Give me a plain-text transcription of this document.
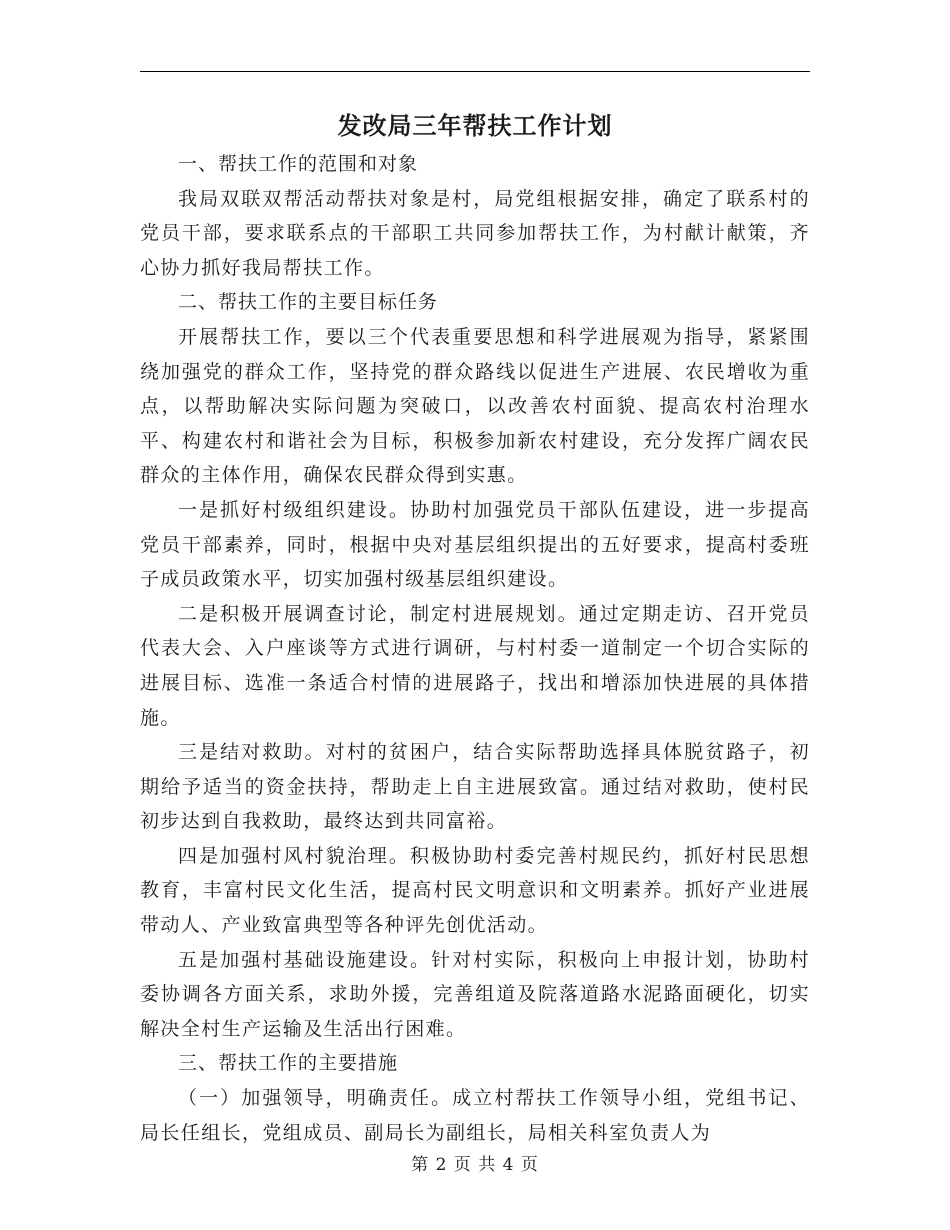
发改局三年帮扶工作计划

一、帮扶工作的范围和对象

我局双联双帮活动帮扶对象是村，局党组根据安排，确定了联系村的党员干部，要求联系点的干部职工共同参加帮扶工作，为村献计献策，齐心协力抓好我局帮扶工作。

二、帮扶工作的主要目标任务

开展帮扶工作，要以三个代表重要思想和科学进展观为指导，紧紧围绕加强党的群众工作，坚持党的群众路线以促进生产进展、农民增收为重点，以帮助解决实际问题为突破口，以改善农村面貌、提高农村治理水平、构建农村和谐社会为目标，积极参加新农村建设，充分发挥广阔农民群众的主体作用，确保农民群众得到实惠。

一是抓好村级组织建设。协助村加强党员干部队伍建设，进一步提高党员干部素养，同时，根据中央对基层组织提出的五好要求，提高村委班子成员政策水平，切实加强村级基层组织建设。

二是积极开展调查讨论，制定村进展规划。通过定期走访、召开党员代表大会、入户座谈等方式进行调研，与村村委一道制定一个切合实际的进展目标、选准一条适合村情的进展路子，找出和增添加快进展的具体措施。

三是结对救助。对村的贫困户，结合实际帮助选择具体脱贫路子，初期给予适当的资金扶持，帮助走上自主进展致富。通过结对救助，使村民初步达到自我救助，最终达到共同富裕。

四是加强村风村貌治理。积极协助村委完善村规民约，抓好村民思想教育，丰富村民文化生活，提高村民文明意识和文明素养。抓好产业进展带动人、产业致富典型等各种评先创优活动。

五是加强村基础设施建设。针对村实际，积极向上申报计划，协助村委协调各方面关系，求助外援，完善组道及院落道路水泥路面硬化，切实解决全村生产运输及生活出行困难。

三、帮扶工作的主要措施

（一）加强领导，明确责任。成立村帮扶工作领导小组，党组书记、局长任组长，党组成员、副局长为副组长，局相关科室负责人为

第 2 页 共 4 页
